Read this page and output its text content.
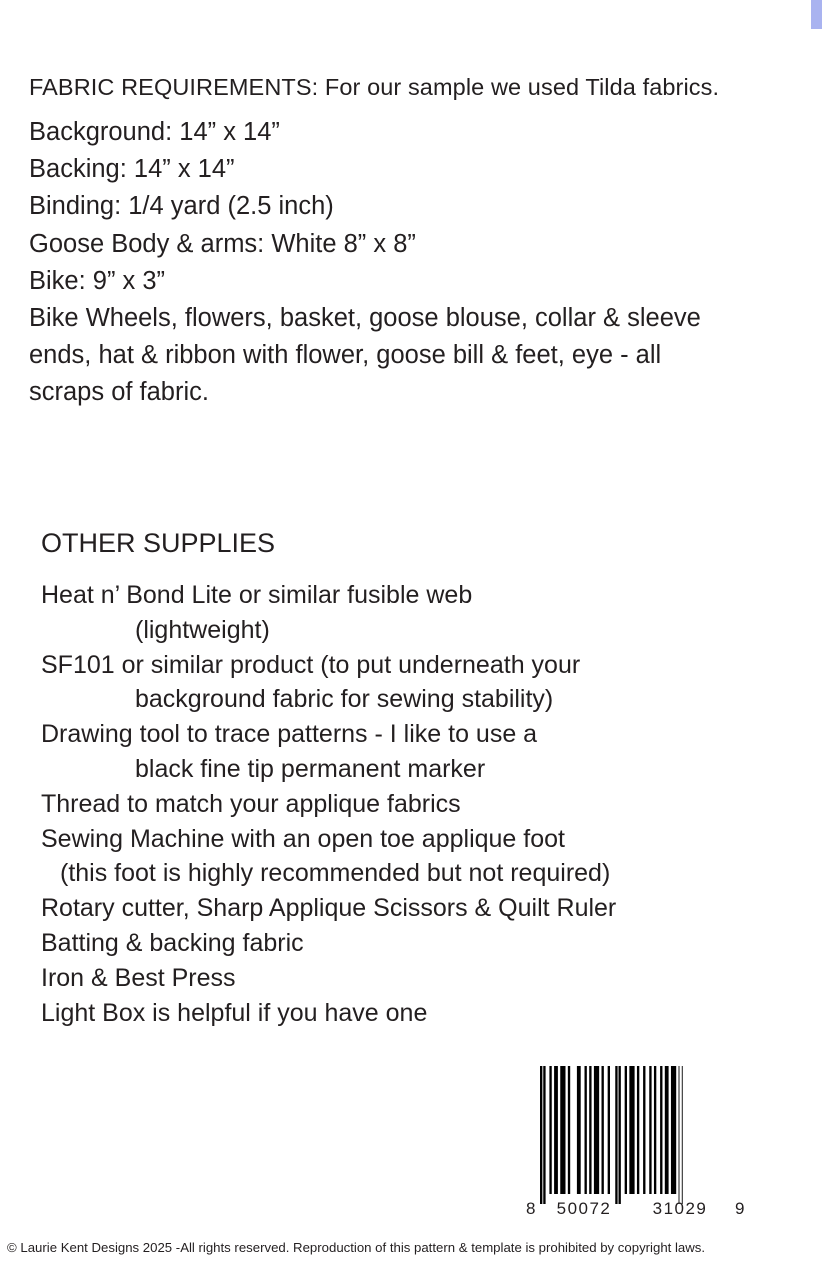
FABRIC REQUIREMENTS: For our sample we used Tilda fabrics.
Background: 14” x 14”
Backing: 14” x 14”
Binding: 1/4 yard (2.5 inch)
Goose Body & arms: White 8” x 8”
Bike: 9” x 3”
Bike Wheels, flowers, basket, goose blouse, collar & sleeve
ends, hat & ribbon with flower, goose bill & feet, eye - all
scraps of fabric.
OTHER SUPPLIES
Heat n’ Bond Lite or similar fusible web
(lightweight)
SF101 or similar product (to put underneath your
background fabric for sewing stability)
Drawing tool to trace patterns - I like to use a
black fine tip permanent marker
Thread to match your applique fabrics
Sewing Machine with an open toe applique foot
(this foot is highly recommended but not required)
Rotary cutter, Sharp Applique Scissors & Quilt Ruler
Batting & backing fabric
Iron & Best Press
Light Box is helpful if you have one
8 50072 31029 9
© Laurie Kent Designs 2025 -All rights reserved. Reproduction of this pattern & template is prohibited by copyright laws.
